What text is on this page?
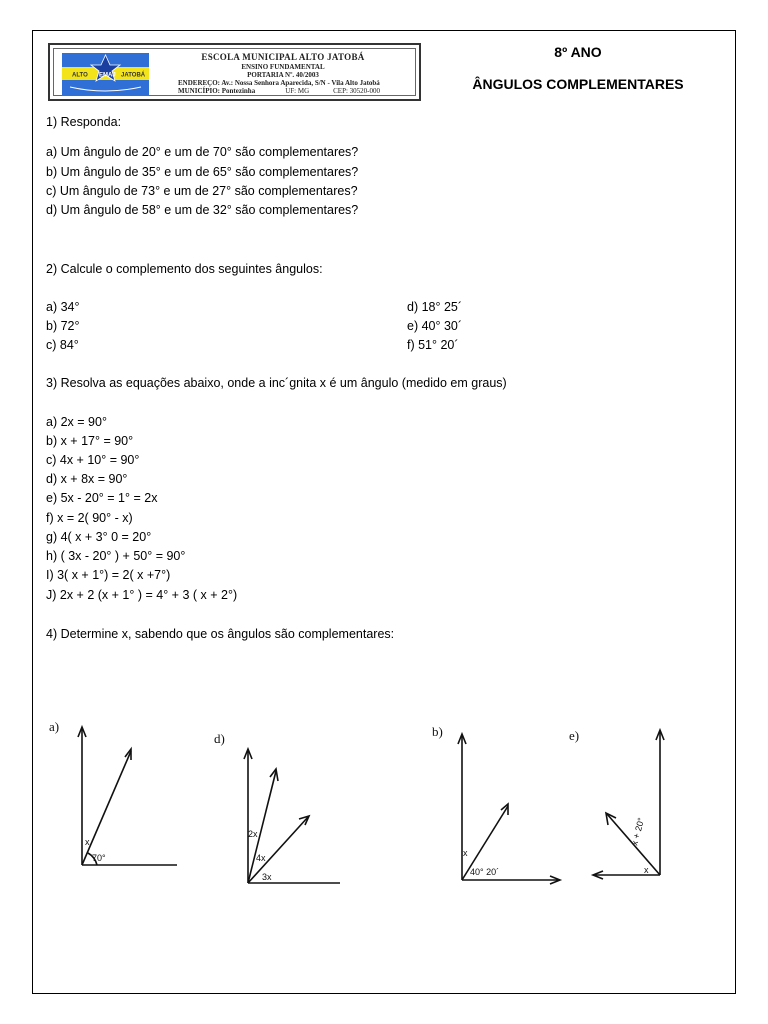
ALTO EMAJ JATOBÁ
ESCOLA MUNICIPAL ALTO JATOBÁ
ENSINO FUNDAMENTAL
PORTARIA Nº. 40/2003
ENDEREÇO: Av.: Nossa Senhora Aparecida, S/N - Vila Alto Jatobá
MUNICÍPIO: Pontezinha	UF: MG	CEP: 30520-000
8º ANO
ÂNGULOS COMPLEMENTARES
1) Responda:
a) Um ângulo de 20° e um de 70° são complementares?
b) Um ângulo de 35° e um de 65° são complementares?
c) Um ângulo de 73° e um de 27° são complementares?
d) Um ângulo de 58° e um de 32° são complementares?
2) Calcule o complemento dos seguintes ângulos:
a) 34°
b) 72°
c) 84°
d) 18° 25´
e) 40° 30´
f) 51° 20´
3) Resolva as equações abaixo, onde a inc´gnita x é um ângulo (medido em graus)
a) 2x = 90°
b) x + 17° = 90°
c) 4x + 10° = 90°
d) x + 8x = 90°
e) 5x - 20° = 1° = 2x
f) x = 2( 90° - x)
g) 4( x + 3° 0 = 20°
h) ( 3x - 20° ) + 50° = 90°
I) 3( x + 1°) = 2( x +7°)
J) 2x + 2 (x + 1° ) = 4° + 3 ( x + 2°)
4) Determine x, sabendo que os ângulos são complementares:
a)
x
70°
d)
2x
4x
3x
b)
x
40° 20´
e)
x + 20°
x
